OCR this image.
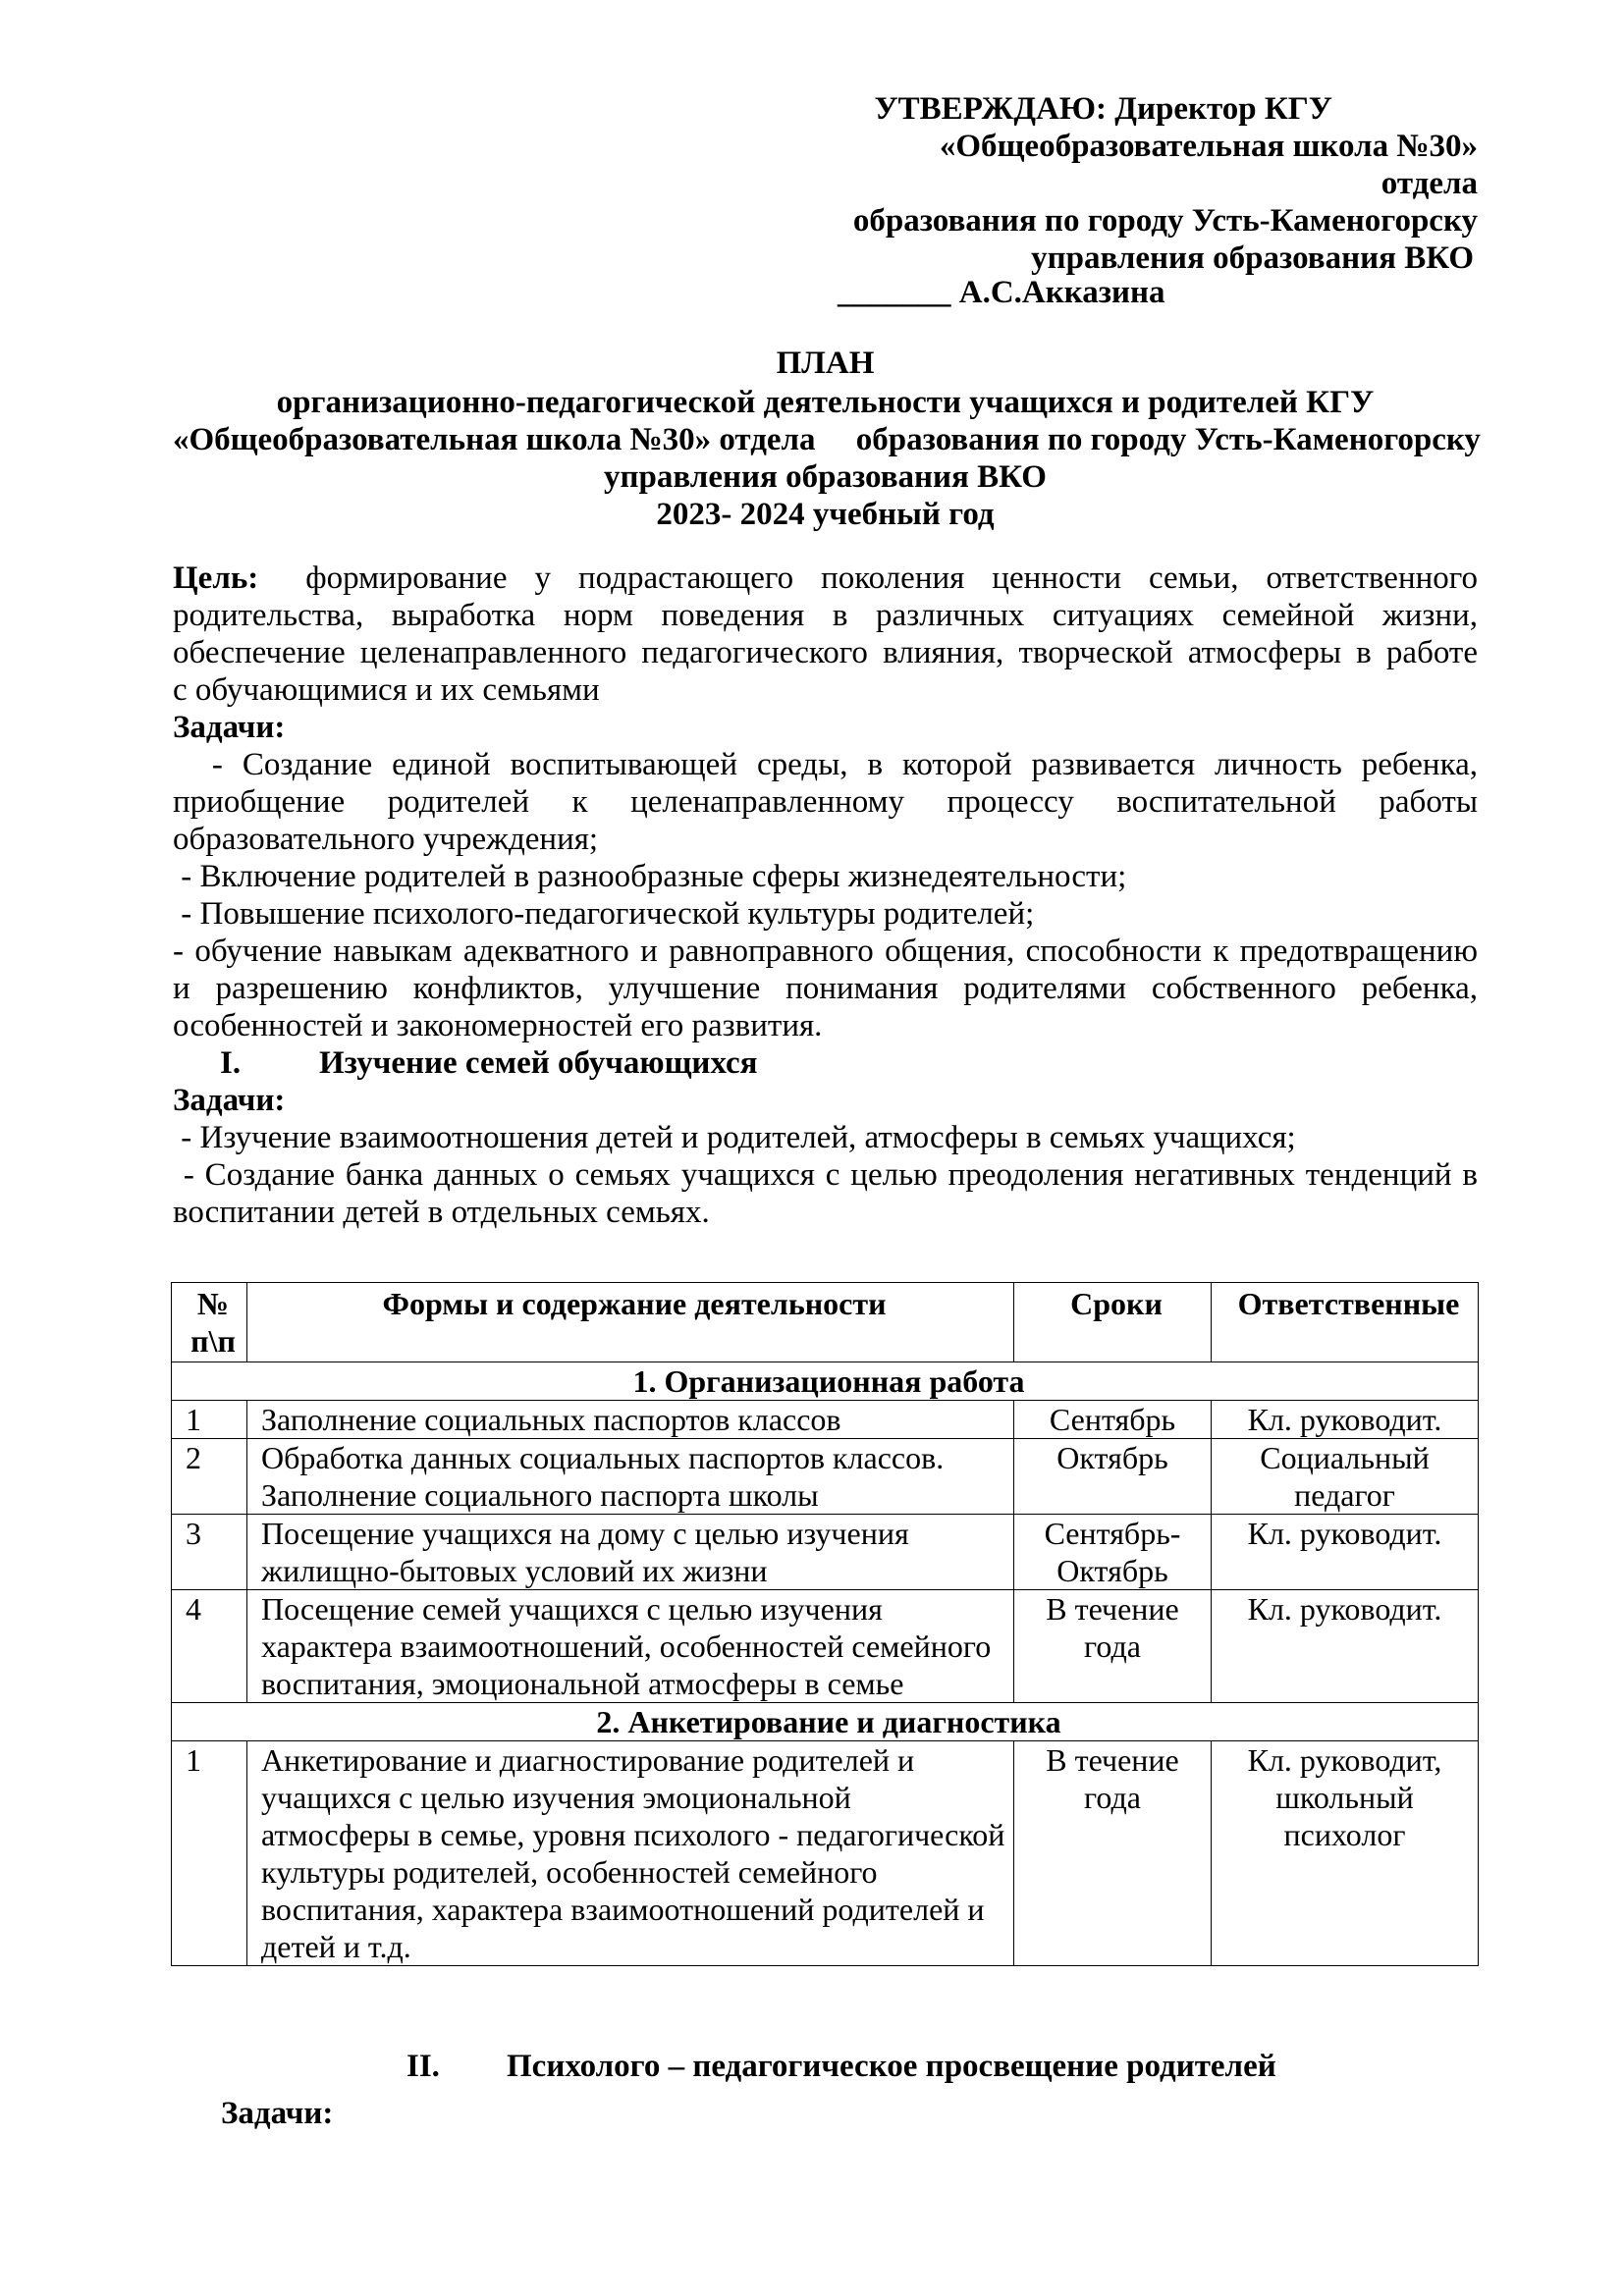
УТВЕРЖДАЮ: Директор КГУ
«Общеобразовательная школа №30» отдела
образования по городу Усть-Каменогорску
управления образования ВКО
_______ А.С.Акказина
ПЛАН
организационно-педагогической деятельности учащихся и родителей КГУ
«Общеобразовательная школа №30» отдела     образования по городу Усть-Каменогорску
управления образования ВКО
2023- 2024 учебный год

Цель: формирование у подрастающего поколения ценности семьи, ответственного

родительства, выработка норм поведения в различных ситуациях семейной жизни,

обеспечение целенаправленного педагогического влияния, творческой атмосферы в работе

с обучающимися и их семьями

Задачи:

- Создание единой воспитывающей среды, в которой развивается личность ребенка,

приобщение родителей к целенаправленному процессу воспитательной работы

образовательного учреждения;

- Включение родителей в разнообразные сферы жизнедеятельности;

- Повышение психолого-педагогической культуры родителей;

- обучение навыкам адекватного и равноправного общения, способности к предотвращению

и разрешению конфликтов, улучшение понимания родителями собственного ребенка,

особенностей и закономерностей его развития.

I. Изучение семей обучающихся

Задачи:

- Изучение взаимоотношения детей и родителей, атмосферы в семьях учащихся;

- Создание банка данных о семьях учащихся с целью преодоления негативных тенденций в

воспитании детей в отдельных семьях.

№ п\п	Формы и содержание деятельности	Сроки	Ответственные
1. Организационная работа			
1	Заполнение социальных паспортов классов	Сентябрь	Кл. руководит.
2	Обработка данных социальных паспортов классов. Заполнение социального паспорта школы	Октябрь	Социальный педагог
3	Посещение учащихся на дому с целью изучения жилищно-бытовых условий их жизни	Сентябрь-Октябрь	Кл. руководит.
4	Посещение семей учащихся с целью изучения характера взаимоотношений, особенностей семейного воспитания, эмоциональной атмосферы в семье	В течение года	Кл. руководит.
2. Анкетирование и диагностика			
1	Анкетирование и диагностирование родителей и учащихся с целью изучения эмоциональной атмосферы в семье, уровня психолого - педагогической культуры родителей, особенностей семейного воспитания, характера взаимоотношений родителей и детей и т.д.	В течение года	Кл. руководит, школьный психолог
II. Психолого – педагогическое просвещение родителей
Задачи:
